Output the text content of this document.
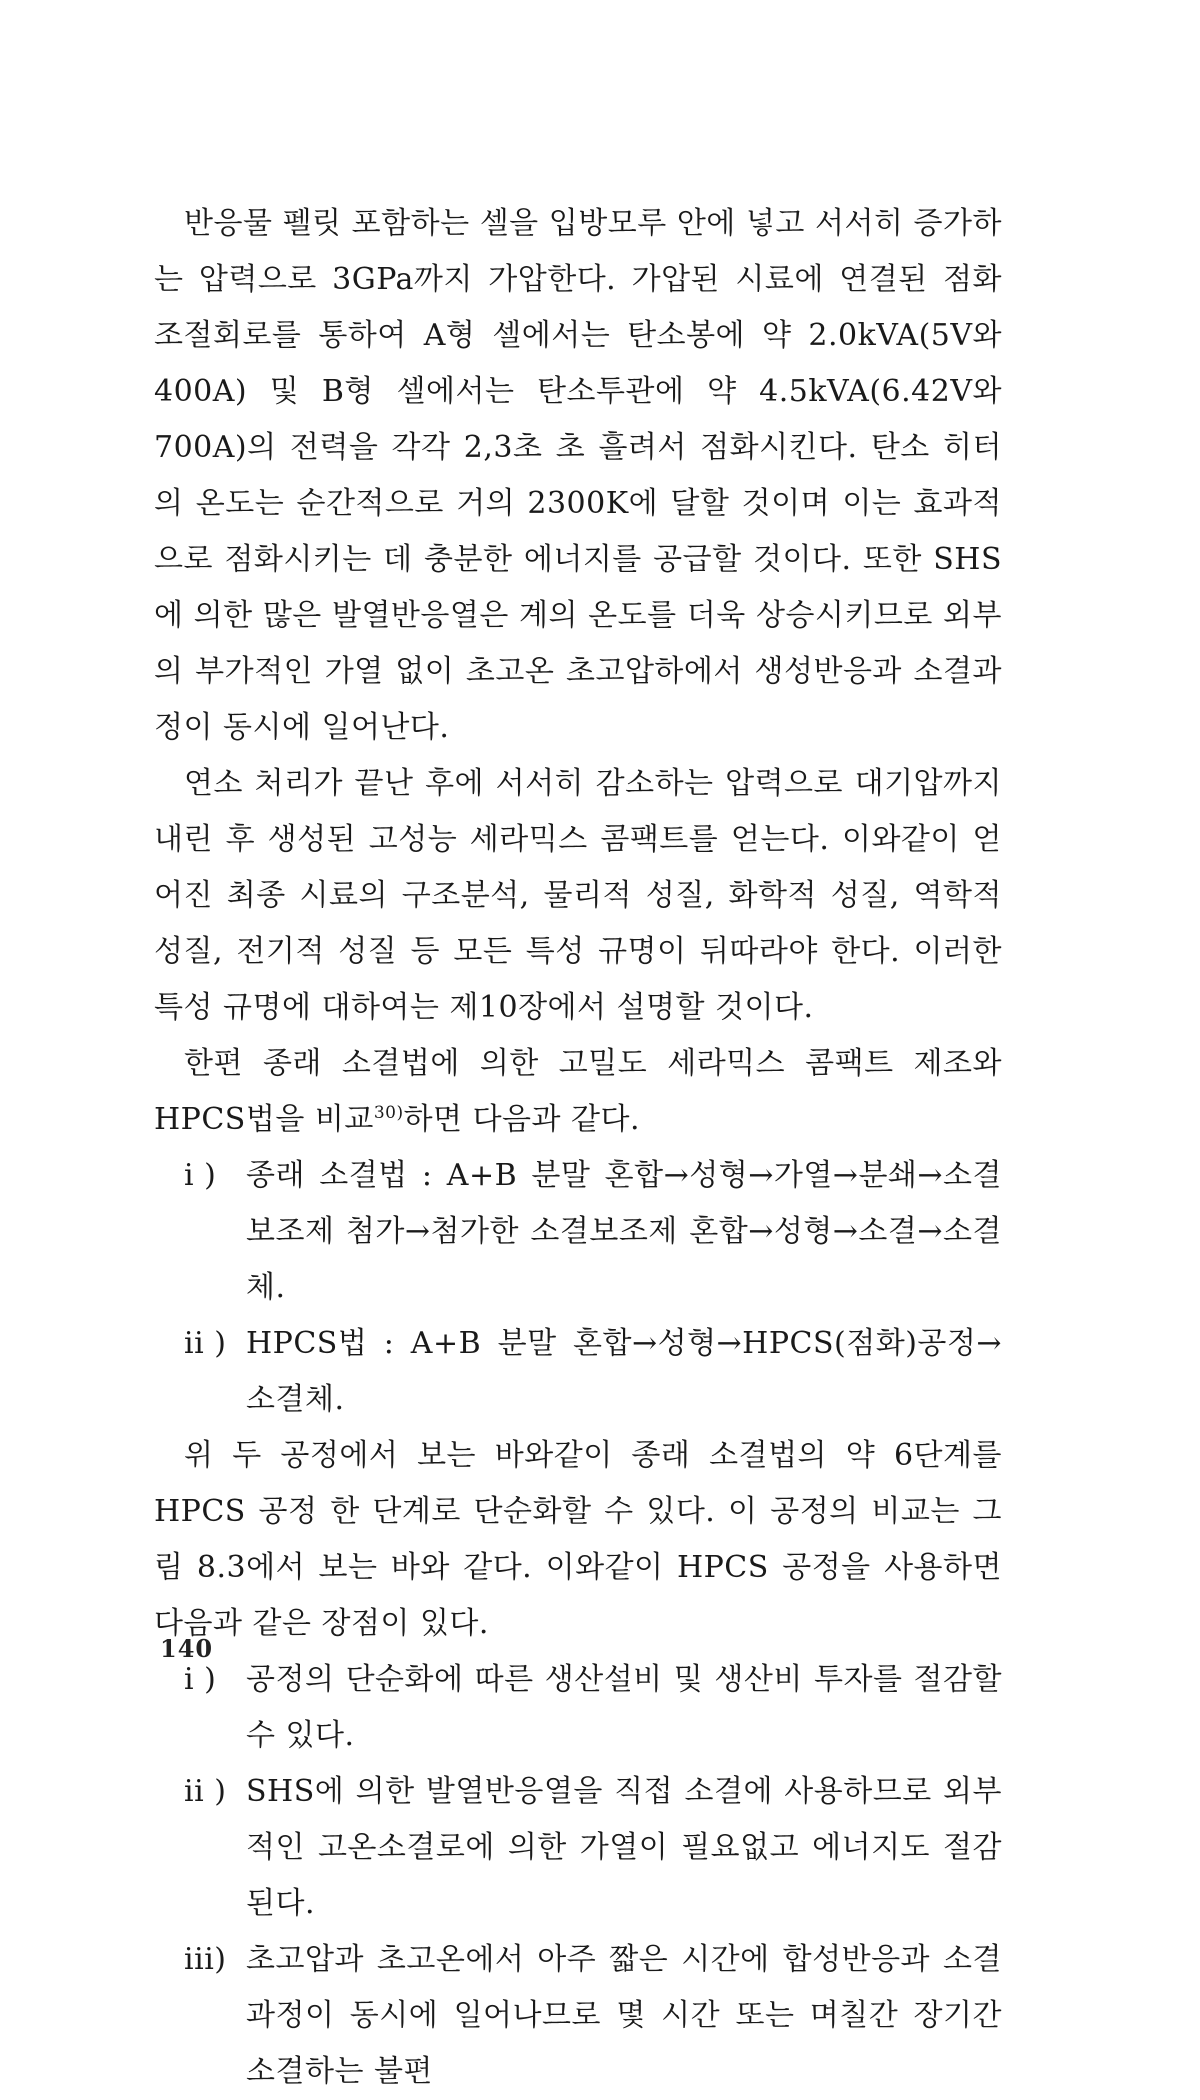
반응물 펠릿 포함하는 셀을 입방모루 안에 넣고 서서히 증가하는 압력으로 3GPa까지 가압한다. 가압된 시료에 연결된 점화 조절회로를 통하여 A형 셀에서는 탄소봉에 약 2.0kVA(5V와 400A) 및 B형 셀에서는 탄소투관에 약 4.5kVA(6.42V와 700A)의 전력을 각각 2,3초 초 흘려서 점화시킨다. 탄소 히터의 온도는 순간적으로 거의 2300K에 달할 것이며 이는 효과적으로 점화시키는 데 충분한 에너지를 공급할 것이다. 또한 SHS에 의한 많은 발열반응열은 계의 온도를 더욱 상승시키므로 외부의 부가적인 가열 없이 초고온 초고압하에서 생성반응과 소결과정이 동시에 일어난다.

연소 처리가 끝난 후에 서서히 감소하는 압력으로 대기압까지 내린 후 생성된 고성능 세라믹스 콤팩트를 얻는다. 이와같이 얻어진 최종 시료의 구조분석, 물리적 성질, 화학적 성질, 역학적 성질, 전기적 성질 등 모든 특성 규명이 뒤따라야 한다. 이러한 특성 규명에 대하여는 제10장에서 설명할 것이다.

한편 종래 소결법에 의한 고밀도 세라믹스 콤팩트 제조와 HPCS법을 비교$^{30)}$하면 다음과 같다.

i ) 종래 소결법 : A+B 분말 혼합→성형→가열→분쇄→소결보조제 첨가→첨가한 소결보조제 혼합→성형→소결→소결체.
ii ) HPCS법 : A+B 분말 혼합→성형→HPCS(점화)공정→소결체.

위 두 공정에서 보는 바와같이 종래 소결법의 약 6단계를 HPCS 공정 한 단계로 단순화할 수 있다. 이 공정의 비교는 그림 8.3에서 보는 바와 같다. 이와같이 HPCS 공정을 사용하면 다음과 같은 장점이 있다.

i ) 공정의 단순화에 따른 생산설비 및 생산비 투자를 절감할 수 있다.
ii ) SHS에 의한 발열반응열을 직접 소결에 사용하므로 외부적인 고온소결로에 의한 가열이 필요없고 에너지도 절감된다.
iii) 초고압과 초고온에서 아주 짧은 시간에 합성반응과 소결과정이 동시에 일어나므로 몇 시간 또는 며칠간 장기간 소결하는 불편
140
